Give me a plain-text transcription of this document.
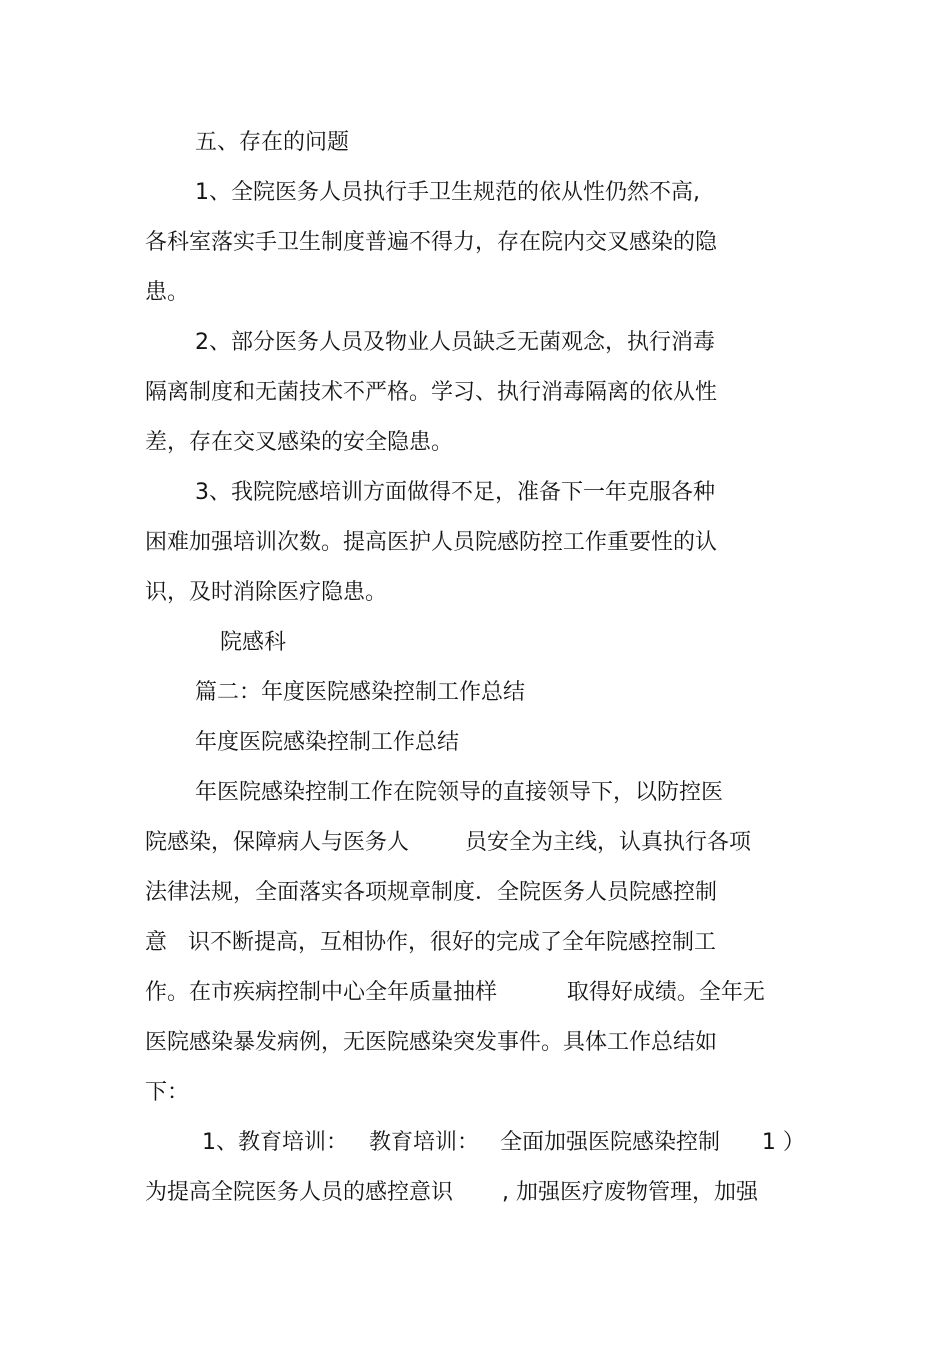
五、存在的问题
1、全院医务人员执行手卫生规范的依从性仍然不高,
各科室落实手卫生制度普遍不得力，存在院内交叉感染的隐
患。
2、部分医务人员及物业人员缺乏无菌观念，执行消毒
隔离制度和无菌技术不严格。学习、执行消毒隔离的依从性
差，存在交叉感染的安全隐患。
3、我院院感培训方面做得不足，准备下一年克服各种
困难加强培训次数。提高医护人员院感防控工作重要性的认
识，及时消除医疗隐患。
院感科
篇二：年度医院感染控制工作总结
年度医院感染控制工作总结
年医院感染控制工作在院领导的直接领导下，以防控医
院感染，保障病人与医务人        员安全为主线，认真执行各项
法律法规，全面落实各项规章制度．全院医务人员院感控制
意   识不断提高，互相协作，很好的完成了全年院感控制工
作。在市疾病控制中心全年质量抽样          取得好成绩。全年无
医院感染暴发病例，无医院感染突发事件。具体工作总结如
下：
1、教育培训：   教育培训：   全面加强医院感染控制      1 ）
为提高全院医务人员的感控意识       , 加强医疗废物管理，加强
